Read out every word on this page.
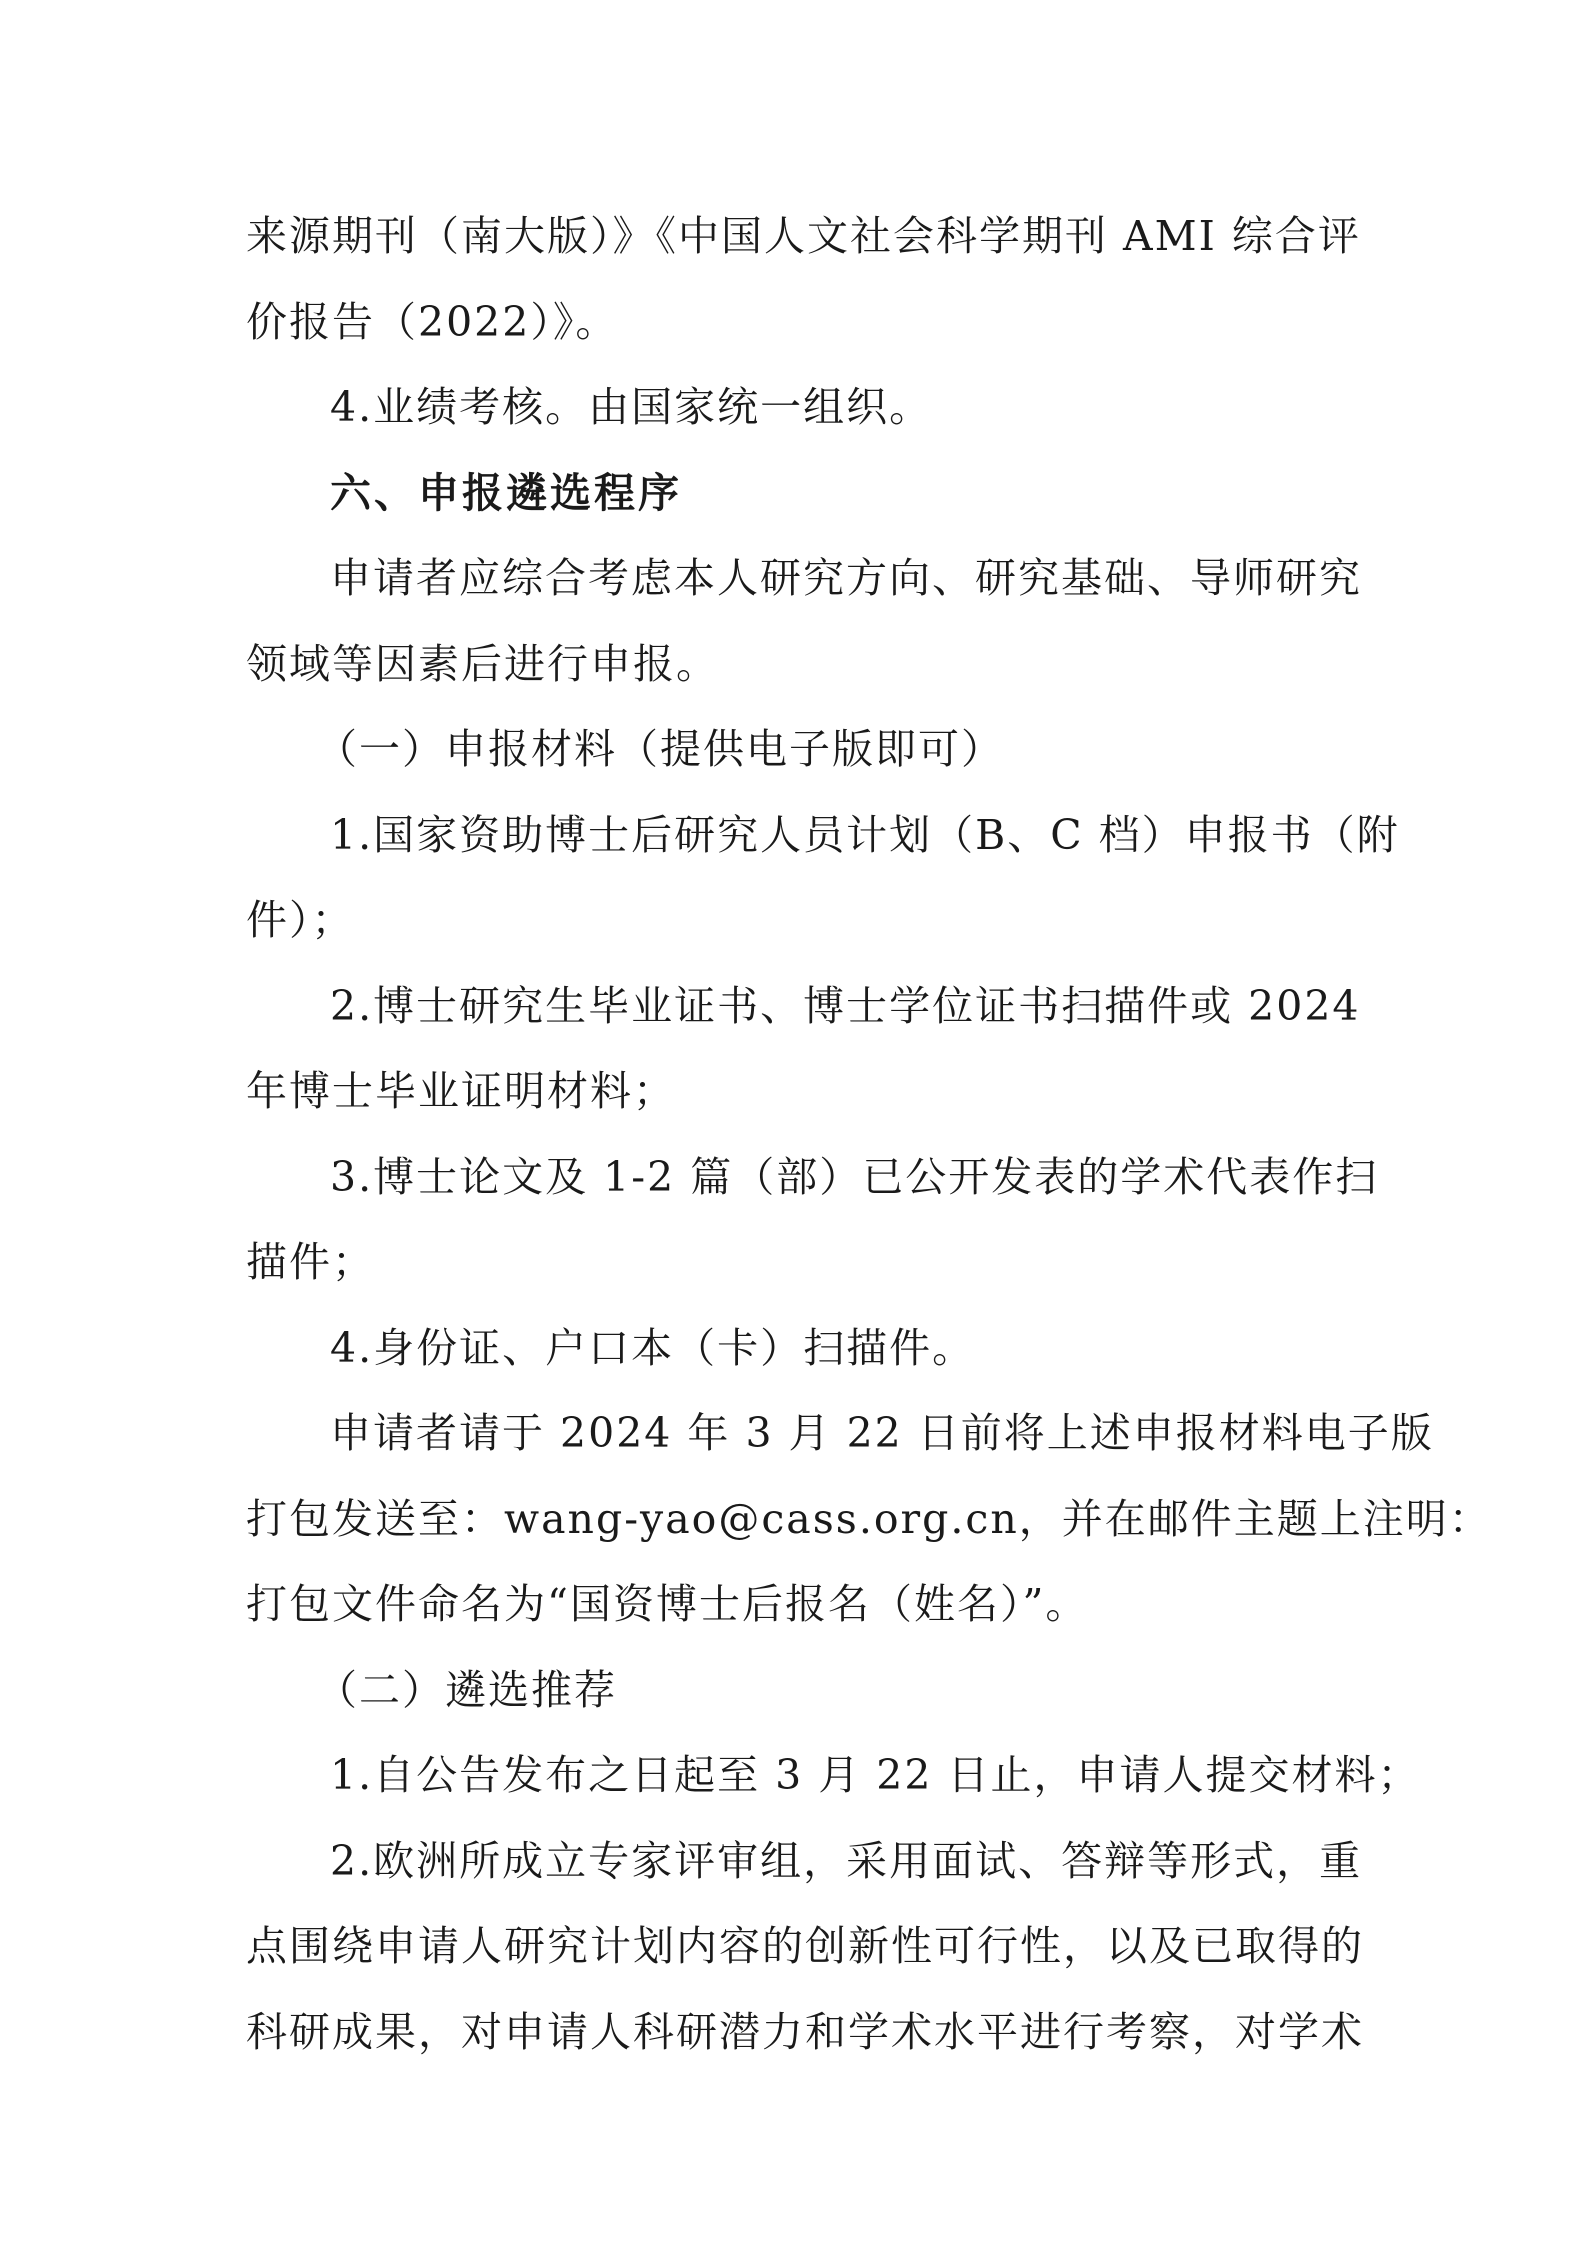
来源期刊（南大版）》《中国人文社会科学期刊 AMI 综合评
价报告（2022）》。
4.业绩考核。由国家统一组织。
六、申报遴选程序
申请者应综合考虑本人研究方向、研究基础、导师研究
领域等因素后进行申报。
（一）申报材料（提供电子版即可）
1.国家资助博士后研究人员计划（B、C 档）申报书（附
件）；
2.博士研究生毕业证书、博士学位证书扫描件或 2024
年博士毕业证明材料；
3.博士论文及 1-2 篇（部）已公开发表的学术代表作扫
描件；
4.身份证、户口本（卡）扫描件。
申请者请于 2024 年 3 月 22 日前将上述申报材料电子版
打包发送至：wang-yao@cass.org.cn，并在邮件主题上注明：
打包文件命名为“国资博士后报名（姓名）”。
（二）遴选推荐
1.自公告发布之日起至 3 月 22 日止，申请人提交材料；
2.欧洲所成立专家评审组，采用面试、答辩等形式，重
点围绕申请人研究计划内容的创新性可行性，以及已取得的
科研成果，对申请人科研潜力和学术水平进行考察，对学术
